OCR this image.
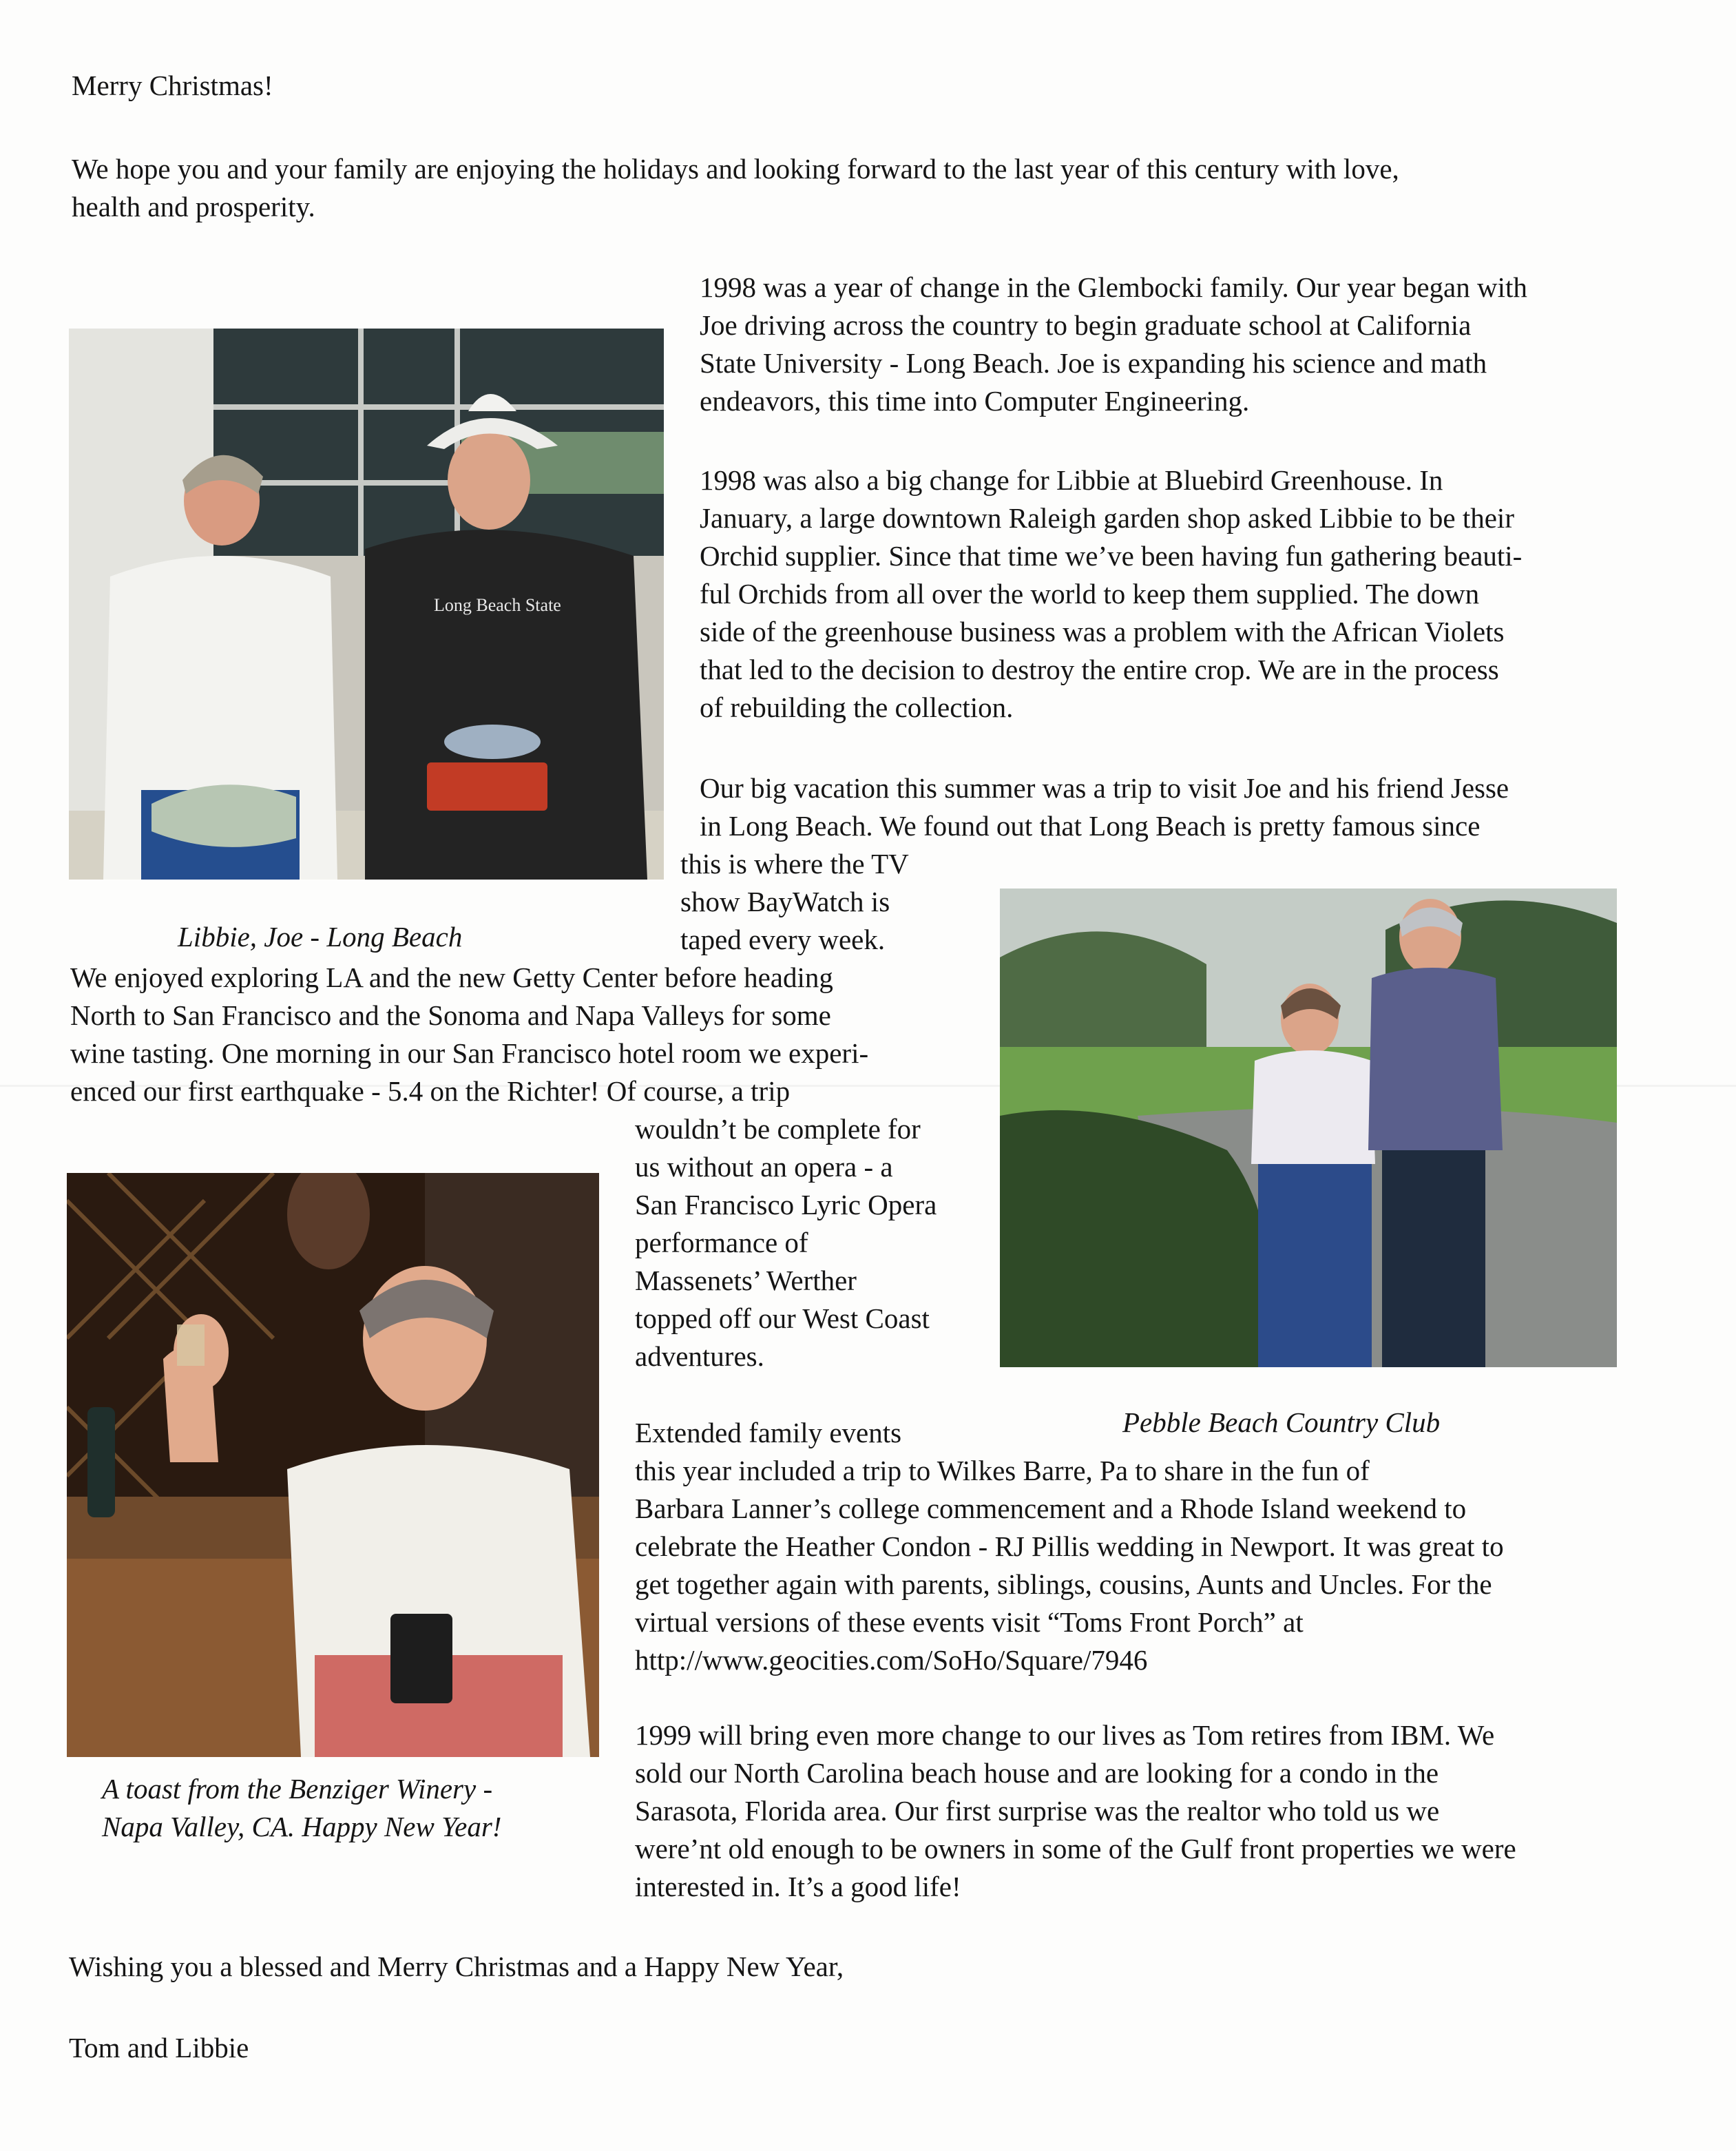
Merry Christmas!

We hope you and your family are enjoying the holidays and looking forward to the last year of this century with love,
health and prosperity.
1998 was a year of change in the Glembocki family. Our year began with
Joe driving across the country to begin graduate school at California
State University - Long Beach. Joe is expanding his science and math
endeavors, this time into Computer Engineering.
1998 was also a big change for Libbie at Bluebird Greenhouse. In
January, a large downtown Raleigh garden shop asked Libbie to be their
Orchid supplier. Since that time we’ve been having fun gathering beauti-
ful Orchids from all over the world to keep them supplied. The down
side of the greenhouse business was a problem with the African Violets
that led to the decision to destroy the entire crop. We are in the process
of rebuilding the collection.
Our big vacation this summer was a trip to visit Joe and his friend Jesse
in Long Beach. We found out that Long Beach is pretty famous since
this is where the TV
show BayWatch is
taped every week.
We enjoyed exploring LA and the new Getty Center before heading
North to San Francisco and the Sonoma and Napa Valleys for some
wine tasting. One morning in our San Francisco hotel room we experi-
enced our first earthquake - 5.4 on the Richter! Of course, a trip
wouldn’t be complete for
us without an opera - a
San Francisco Lyric Opera
performance of
Massenets’ Werther
topped off our West Coast
adventures.
Extended family events
this year included a trip to Wilkes Barre, Pa to share in the fun of
Barbara Lanner’s college commencement and a Rhode Island weekend to
celebrate the Heather Condon - RJ Pillis wedding in Newport. It was great to
get together again with parents, siblings, cousins, Aunts and Uncles. For the
virtual versions of these events visit “Toms Front Porch” at
http://www.geocities.com/SoHo/Square/7946
1999 will bring even more change to our lives as Tom retires from IBM. We
sold our North Carolina beach house and are looking for a condo in the
Sarasota, Florida area. Our first surprise was the realtor who told us we
were’nt old enough to be owners in some of the Gulf front properties we were
interested in. It’s a good life!

Wishing you a blessed and Merry Christmas and a Happy New Year,

Tom and Libbie

Long Beach State

Libbie, Joe - Long Beach

Pebble Beach Country Club

A toast from the Benziger Winery -
Napa Valley, CA. Happy New Year!
